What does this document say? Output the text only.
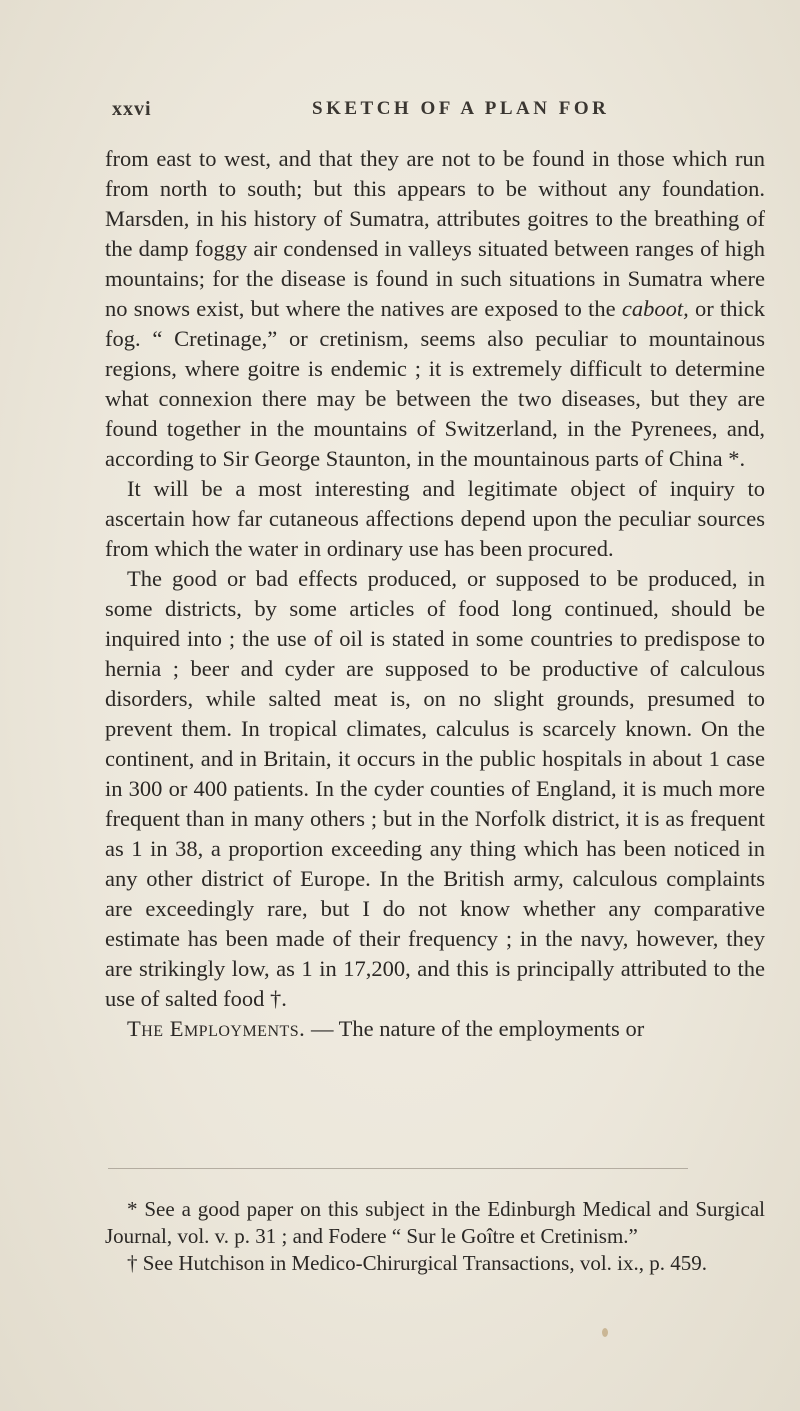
xxvi	SKETCH OF A PLAN FOR

from east to west, and that they are not to be found in those which run from north to south; but this appears to be without any foundation. Marsden, in his history of Sumatra, attributes goitres to the breathing of the damp foggy air condensed in valleys situated between ranges of high mountains; for the disease is found in such situations in Sumatra where no snows exist, but where the natives are exposed to the caboot, or thick fog. “ Cretinage,” or cretinism, seems also peculiar to mountainous regions, where goitre is endemic ; it is extremely difficult to determine what connexion there may be between the two diseases, but they are found together in the mountains of Switzerland, in the Pyrenees, and, according to Sir George Staunton, in the mountainous parts of China *.

It will be a most interesting and legitimate object of inquiry to ascertain how far cutaneous affections depend upon the peculiar sources from which the water in ordinary use has been procured.

The good or bad effects produced, or supposed to be produced, in some districts, by some articles of food long continued, should be inquired into ; the use of oil is stated in some countries to predispose to hernia ; beer and cyder are supposed to be productive of calculous disorders, while salted meat is, on no slight grounds, presumed to prevent them. In tropical climates, calculus is scarcely known. On the continent, and in Britain, it occurs in the public hospitals in about 1 case in 300 or 400 patients. In the cyder counties of England, it is much more frequent than in many others ; but in the Norfolk district, it is as frequent as 1 in 38, a proportion exceeding any thing which has been noticed in any other district of Europe. In the British army, calculous complaints are exceedingly rare, but I do not know whether any comparative estimate has been made of their frequency ; in the navy, however, they are strikingly low, as 1 in 17,200, and this is principally attributed to the use of salted food †.

The Employments. — The nature of the employments or

* See a good paper on this subject in the Edinburgh Medical and Surgical Journal, vol. v. p. 31 ; and Fodere “ Sur le Goître et Cretinism.”

† See Hutchison in Medico-Chirurgical Transactions, vol. ix., p. 459.
